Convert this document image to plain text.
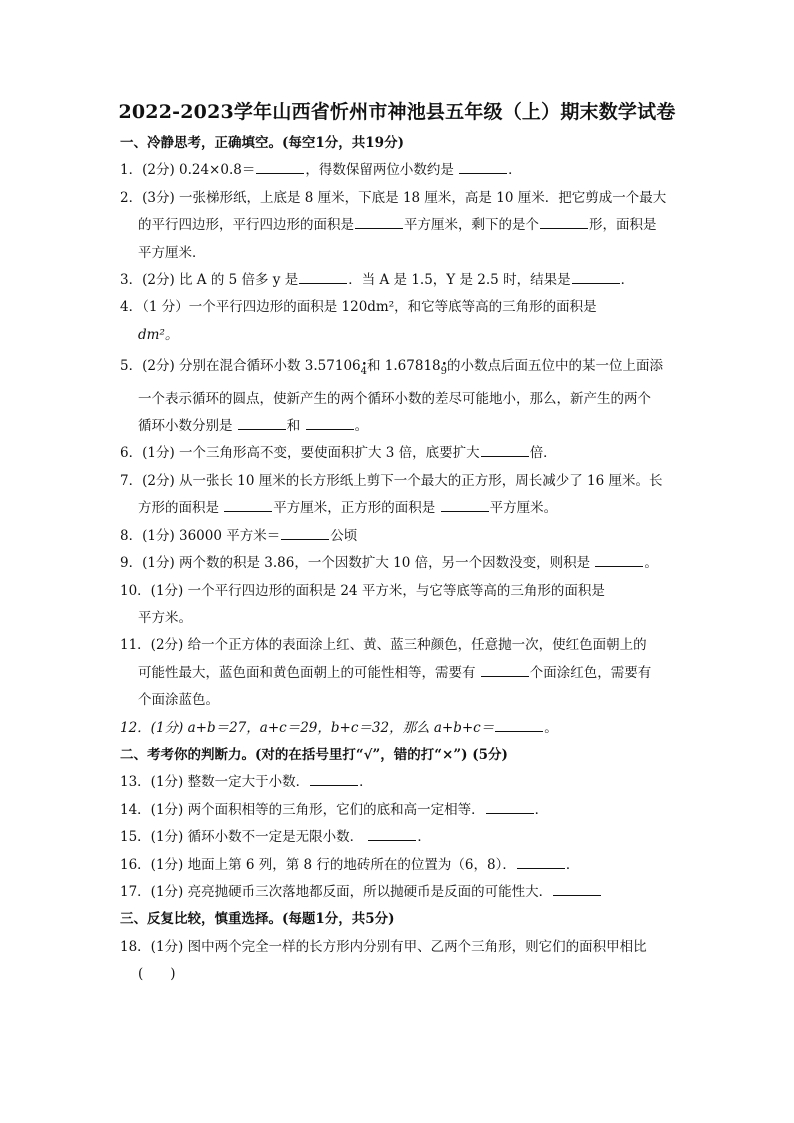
2022-2023学年山西省忻州市神池县五年级（上）期末数学试卷
一、冷静思考，正确填空。(每空1分，共19分)
1．(2分) 0.24×0.8＝	，得数保留两位小数约是	．
2．(3分) 一张梯形纸，上底是 8 厘米，下底是 18 厘米，高是 10 厘米．把它剪成一个最大
的平行四边形，平行四边形的面积是	平方厘米，剩下的是个	形，面积是
平方厘米．
3．(2分) 比 A 的 5 倍多 y 是	．当 A 是 1.5，Y 是 2.5 时，结果是	．
4．（1 分）一个平行四边形的面积是 120dm²，和它等底等高的三角形的面积是
dm²。
5．(2分) 分别在混合循环小数 3.57106• $_4$和 1.67818• $_9$的小数点后面五位中的某一位上面添
一个表示循环的圆点，使新产生的两个循环小数的差尽可能地小，那么，新产生的两个
循环小数分别是	和	。
6．(1分) 一个三角形高不变，要使面积扩大 3 倍，底要扩大	倍．
7．(2分) 从一张长 10 厘米的长方形纸上剪下一个最大的正方形，周长减少了 16 厘米。长
方形的面积是	平方厘米，正方形的面积是	平方厘米。
8．(1分) 36000 平方米＝	公顷
9．(1分) 两个数的积是 3.86，一个因数扩大 10 倍，另一个因数没变，则积是	。
10．(1分) 一个平行四边形的面积是 24 平方米，与它等底等高的三角形的面积是
平方米。
11．(2分) 给一个正方体的表面涂上红、黄、蓝三种颜色，任意抛一次，使红色面朝上的
可能性最大，蓝色面和黄色面朝上的可能性相等，需要有	个面涂红色，需要有
个面涂蓝色。
12．(1分) a+b＝27，a+c＝29，b+c＝32，那么 a+b+c＝	。
二、考考你的判断力。(对的在括号里打“√”，错的打“×”) (5分)
13．(1分) 整数一定大于小数．	．
14．(1分) 两个面积相等的三角形，它们的底和高一定相等．	．
15．(1分) 循环小数不一定是无限小数．	．
16．(1分) 地面上第 6 列，第 8 行的地砖所在的位置为（6，8）．	．
17．(1分) 亮亮抛硬币三次落地都反面，所以抛硬币是反面的可能性大．
三、反复比较，慎重选择。(每题1分，共5分)
18．(1分) 图中两个完全一样的长方形内分别有甲、乙两个三角形，则它们的面积甲相比
(　　)
